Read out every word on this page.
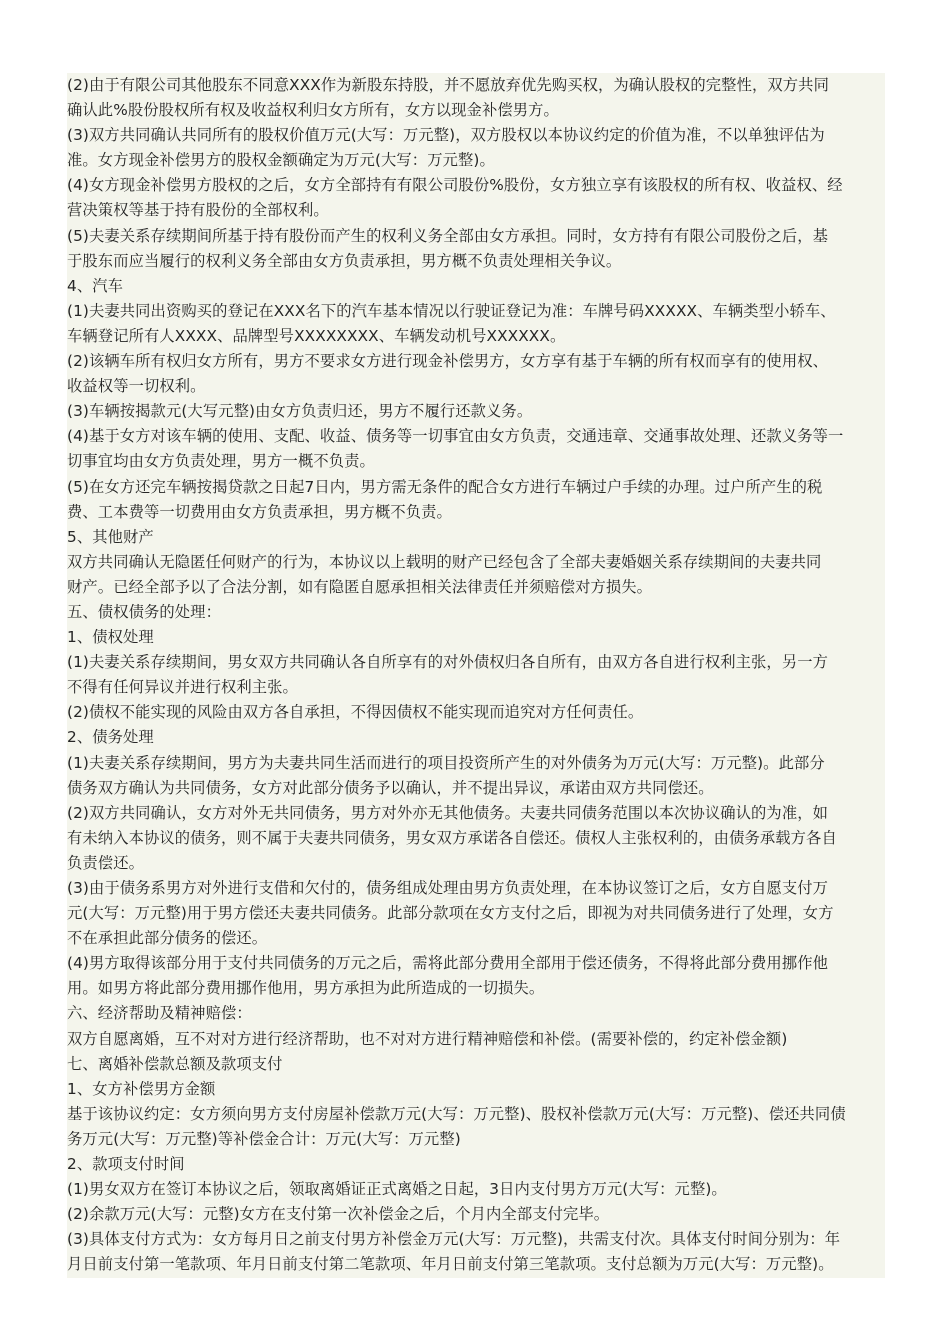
(2)由于有限公司其他股东不同意XXX作为新股东持股，并不愿放弃优先购买权，为确认股权的完整性，双方共同
确认此%股份股权所有权及收益权利归女方所有，女方以现金补偿男方。
(3)双方共同确认共同所有的股权价值万元(大写：万元整)，双方股权以本协议约定的价值为准，不以单独评估为
准。女方现金补偿男方的股权金额确定为万元(大写：万元整)。
(4)女方现金补偿男方股权的之后，女方全部持有有限公司股份%股份，女方独立享有该股权的所有权、收益权、经
营决策权等基于持有股份的全部权利。
(5)夫妻关系存续期间所基于持有股份而产生的权利义务全部由女方承担。同时，女方持有有限公司股份之后，基
于股东而应当履行的权利义务全部由女方负责承担，男方概不负责处理相关争议。
4、汽车
(1)夫妻共同出资购买的登记在XXX名下的汽车基本情况以行驶证登记为准：车牌号码XXXXX、车辆类型小轿车、
车辆登记所有人XXXX、品牌型号XXXXXXXX、车辆发动机号XXXXXX。
(2)该辆车所有权归女方所有，男方不要求女方进行现金补偿男方，女方享有基于车辆的所有权而享有的使用权、
收益权等一切权利。
(3)车辆按揭款元(大写元整)由女方负责归还，男方不履行还款义务。
(4)基于女方对该车辆的使用、支配、收益、债务等一切事宜由女方负责，交通违章、交通事故处理、还款义务等一
切事宜均由女方负责处理，男方一概不负责。
(5)在女方还完车辆按揭贷款之日起7日内，男方需无条件的配合女方进行车辆过户手续的办理。过户所产生的税
费、工本费等一切费用由女方负责承担，男方概不负责。
5、其他财产
双方共同确认无隐匿任何财产的行为，本协议以上载明的财产已经包含了全部夫妻婚姻关系存续期间的夫妻共同
财产。已经全部予以了合法分割，如有隐匿自愿承担相关法律责任并须赔偿对方损失。
五、债权债务的处理：
1、债权处理
(1)夫妻关系存续期间，男女双方共同确认各自所享有的对外债权归各自所有，由双方各自进行权利主张，另一方
不得有任何异议并进行权利主张。
(2)债权不能实现的风险由双方各自承担，不得因债权不能实现而追究对方任何责任。
2、债务处理
(1)夫妻关系存续期间，男方为夫妻共同生活而进行的项目投资所产生的对外债务为万元(大写：万元整)。此部分
债务双方确认为共同债务，女方对此部分债务予以确认，并不提出异议，承诺由双方共同偿还。
(2)双方共同确认，女方对外无共同债务，男方对外亦无其他债务。夫妻共同债务范围以本次协议确认的为准，如
有未纳入本协议的债务，则不属于夫妻共同债务，男女双方承诺各自偿还。债权人主张权利的，由债务承载方各自
负责偿还。
(3)由于债务系男方对外进行支借和欠付的，债务组成处理由男方负责处理，在本协议签订之后，女方自愿支付万
元(大写：万元整)用于男方偿还夫妻共同债务。此部分款项在女方支付之后，即视为对共同债务进行了处理，女方
不在承担此部分债务的偿还。
(4)男方取得该部分用于支付共同债务的万元之后，需将此部分费用全部用于偿还债务，不得将此部分费用挪作他
用。如男方将此部分费用挪作他用，男方承担为此所造成的一切损失。
六、经济帮助及精神赔偿：
双方自愿离婚，互不对对方进行经济帮助，也不对对方进行精神赔偿和补偿。(需要补偿的，约定补偿金额)
七、离婚补偿款总额及款项支付
1、女方补偿男方金额
基于该协议约定：女方须向男方支付房屋补偿款万元(大写：万元整)、股权补偿款万元(大写：万元整)、偿还共同债
务万元(大写：万元整)等补偿金合计：万元(大写：万元整)
2、款项支付时间
(1)男女双方在签订本协议之后，领取离婚证正式离婚之日起，3日内支付男方万元(大写：元整)。
(2)余款万元(大写：元整)女方在支付第一次补偿金之后，个月内全部支付完毕。
(3)具体支付方式为：女方每月日之前支付男方补偿金万元(大写：万元整)，共需支付次。具体支付时间分别为：年
月日前支付第一笔款项、年月日前支付第二笔款项、年月日前支付第三笔款项。支付总额为万元(大写：万元整)。
